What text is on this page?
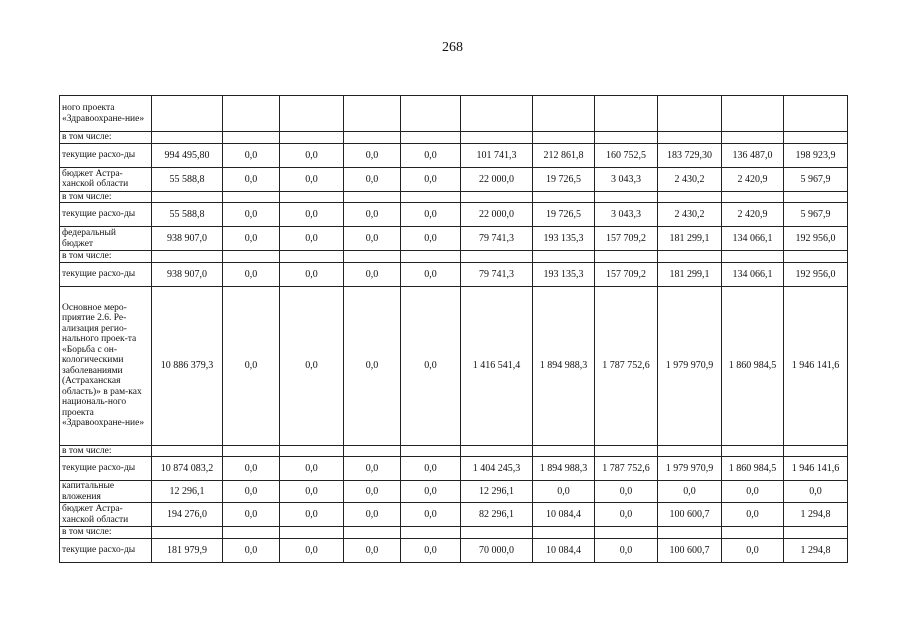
268
ного проекта «Здравоохране-ние»											
в том числе:											
текущие расхо-ды	994 495,80	0,0	0,0	0,0	0,0	101 741,3	212 861,8	160 752,5	183 729,30	136 487,0	198 923,9
бюджет Астра-ханской области	55 588,8	0,0	0,0	0,0	0,0	22 000,0	19 726,5	3 043,3	2 430,2	2 420,9	5 967,9
в том числе:											
текущие расхо-ды	55 588,8	0,0	0,0	0,0	0,0	22 000,0	19 726,5	3 043,3	2 430,2	2 420,9	5 967,9
федеральный бюджет	938 907,0	0,0	0,0	0,0	0,0	79 741,3	193 135,3	157 709,2	181 299,1	134 066,1	192 956,0
в том числе:											
текущие расхо-ды	938 907,0	0,0	0,0	0,0	0,0	79 741,3	193 135,3	157 709,2	181 299,1	134 066,1	192 956,0
Основное меро-приятие 2.6. Ре-ализация регио-нального проек-та «Борьба с он-кологическими заболеваниями (Астраханская область)» в рам-ках националь-ного проекта «Здравоохране-ние»	10 886 379,3	0,0	0,0	0,0	0,0	1 416 541,4	1 894 988,3	1 787 752,6	1 979 970,9	1 860 984,5	1 946 141,6
в том числе:											
текущие расхо-ды	10 874 083,2	0,0	0,0	0,0	0,0	1 404 245,3	1 894 988,3	1 787 752,6	1 979 970,9	1 860 984,5	1 946 141,6
капитальные вложения	12 296,1	0,0	0,0	0,0	0,0	12 296,1	0,0	0,0	0,0	0,0	0,0
бюджет Астра-ханской области	194 276,0	0,0	0,0	0,0	0,0	82 296,1	10 084,4	0,0	100 600,7	0,0	1 294,8
в том числе:											
текущие расхо-ды	181 979,9	0,0	0,0	0,0	0,0	70 000,0	10 084,4	0,0	100 600,7	0,0	1 294,8
